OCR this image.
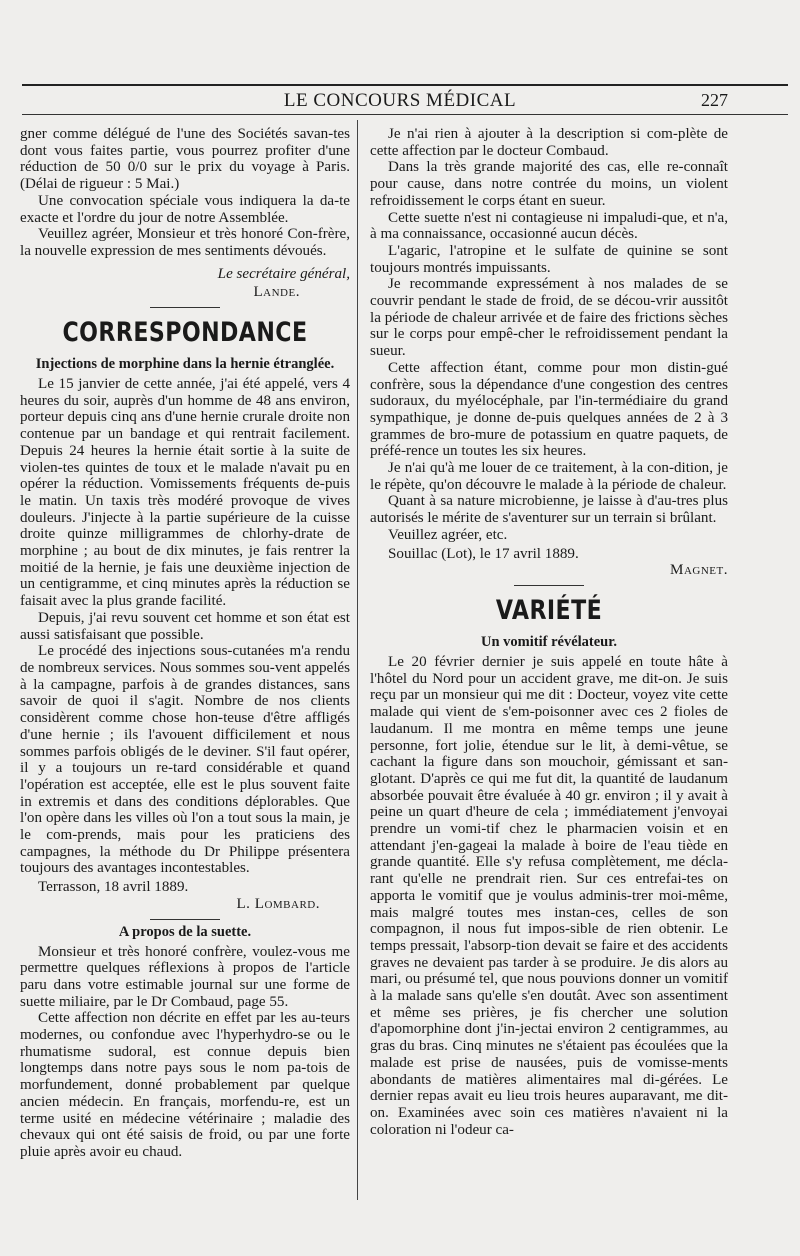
LE CONCOURS MÉDICAL	227

gner comme délégué de l'une des Sociétés savan-tes dont vous faites partie, vous pourrez profiter d'une réduction de 50 0/0 sur le prix du voyage à Paris. (Délai de rigueur : 5 Mai.)

Une convocation spéciale vous indiquera la da-te exacte et l'ordre du jour de notre Assemblée.

Veuillez agréer, Monsieur et très honoré Con-frère, la nouvelle expression de mes sentiments dévoués.

Le secrétaire général,

Lande.

CORRESPONDANCE
Injections de morphine dans la hernie étranglée.

Le 15 janvier de cette année, j'ai été appelé, vers 4 heures du soir, auprès d'un homme de 48 ans environ, porteur depuis cinq ans d'une hernie crurale droite non contenue par un bandage et qui rentrait facilement. Depuis 24 heures la hernie était sortie à la suite de violen-tes quintes de toux et le malade n'avait pu en opérer la réduction. Vomissements fréquents de-puis le matin. Un taxis très modéré provoque de vives douleurs. J'injecte à la partie supérieure de la cuisse droite quinze milligrammes de chlorhy-drate de morphine ; au bout de dix minutes, je fais rentrer la moitié de la hernie, je fais une deuxième injection de un centigramme, et cinq minutes après la réduction se faisait avec la plus grande facilité.

Depuis, j'ai revu souvent cet homme et son état est aussi satisfaisant que possible.

Le procédé des injections sous-cutanées m'a rendu de nombreux services. Nous sommes sou-vent appelés à la campagne, parfois à de grandes distances, sans savoir de quoi il s'agit. Nombre de nos clients considèrent comme chose hon-teuse d'être affligés d'une hernie ; ils l'avouent difficilement et nous sommes parfois obligés de le deviner. S'il faut opérer, il y a toujours un re-tard considérable et quand l'opération est acceptée, elle est le plus souvent faite in extremis et dans des conditions déplorables. Que l'on opère dans les villes où l'on a tout sous la main, je le com-prends, mais pour les praticiens des campagnes, la méthode du Dr Philippe présentera toujours des avantages incontestables.

Terrasson, 18 avril 1889.

L. Lombard.

A propos de la suette.

Monsieur et très honoré confrère, voulez-vous me permettre quelques réflexions à propos de l'article paru dans votre estimable journal sur une forme de suette miliaire, par le Dr Combaud, page 55.

Cette affection non décrite en effet par les au-teurs modernes, ou confondue avec l'hyperhydro-se ou le rhumatisme sudoral, est connue depuis bien longtemps dans notre pays sous le nom pa-tois de morfundement, donné probablement par quelque ancien médecin. En français, morfendu-re, est un terme usité en médecine vétérinaire ; maladie des chevaux qui ont été saisis de froid, ou par une forte pluie après avoir eu chaud.

Je n'ai rien à ajouter à la description si com-plète de cette affection par le docteur Combaud.

Dans la très grande majorité des cas, elle re-connaît pour cause, dans notre contrée du moins, un violent refroidissement le corps étant en sueur.

Cette suette n'est ni contagieuse ni impaludi-que, et n'a, à ma connaissance, occasionné aucun décès.

L'agaric, l'atropine et le sulfate de quinine se sont toujours montrés impuissants.

Je recommande expressément à nos malades de se couvrir pendant le stade de froid, de se décou-vrir aussitôt la période de chaleur arrivée et de faire des frictions sèches sur le corps pour empê-cher le refroidissement pendant la sueur.

Cette affection étant, comme pour mon distin-gué confrère, sous la dépendance d'une congestion des centres sudoraux, du myélocéphale, par l'in-termédiaire du grand sympathique, je donne de-puis quelques années de 2 à 3 grammes de bro-mure de potassium en quatre paquets, de préfé-rence un toutes les six heures.

Je n'ai qu'à me louer de ce traitement, à la con-dition, je le répète, qu'on découvre le malade à la période de chaleur.

Quant à sa nature microbienne, je laisse à d'au-tres plus autorisés le mérite de s'aventurer sur un terrain si brûlant.

Veuillez agréer, etc.

Souillac (Lot), le 17 avril 1889.

Magnet.

VARIÉTÉ
Un vomitif révélateur.

Le 20 février dernier je suis appelé en toute hâte à l'hôtel du Nord pour un accident grave, me dit-on. Je suis reçu par un monsieur qui me dit : Docteur, voyez vite cette malade qui vient de s'em-poisonner avec ces 2 fioles de laudanum. Il me montra en même temps une jeune personne, fort jolie, étendue sur le lit, à demi-vêtue, se cachant la figure dans son mouchoir, gémissant et san-glotant. D'après ce qui me fut dit, la quantité de laudanum absorbée pouvait être évaluée à 40 gr. environ ; il y avait à peine un quart d'heure de cela ; immédiatement j'envoyai prendre un vomi-tif chez le pharmacien voisin et en attendant j'en-gageai la malade à boire de l'eau tiède en grande quantité. Elle s'y refusa complètement, me décla-rant qu'elle ne prendrait rien. Sur ces entrefai-tes on apporta le vomitif que je voulus adminis-trer moi-même, mais malgré toutes mes instan-ces, celles de son compagnon, il nous fut impos-sible de rien obtenir. Le temps pressait, l'absorp-tion devait se faire et des accidents graves ne devaient pas tarder à se produire. Je dis alors au mari, ou présumé tel, que nous pouvions donner un vomitif à la malade sans qu'elle s'en doutât. Avec son assentiment et même ses prières, je fis chercher une solution d'apomorphine dont j'in-jectai environ 2 centigrammes, au gras du bras. Cinq minutes ne s'étaient pas écoulées que la malade est prise de nausées, puis de vomisse-ments abondants de matières alimentaires mal di-gérées. Le dernier repas avait eu lieu trois heures auparavant, me dit-on. Examinées avec soin ces matières n'avaient ni la coloration ni l'odeur ca-
